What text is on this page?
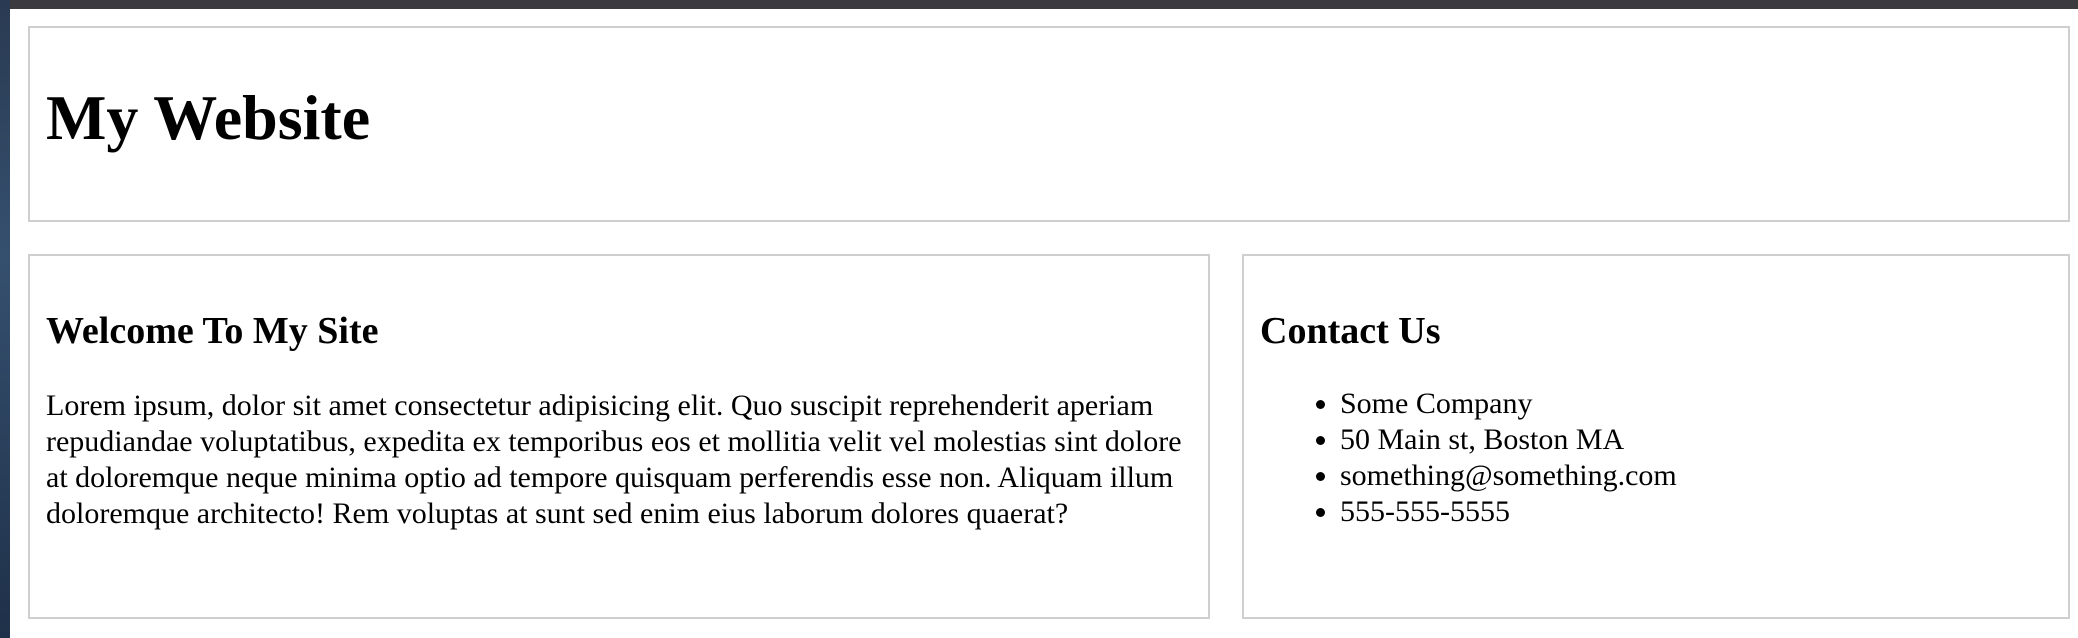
My Website
Welcome To My Site

Lorem ipsum, dolor sit amet consectetur adipisicing elit. Quo suscipit reprehenderit aperiam repudiandae voluptatibus, expedita ex temporibus eos et mollitia velit vel molestias sint dolore at doloremque neque minima optio ad tempore quisquam perferendis esse non. Aliquam illum doloremque architecto! Rem voluptas at sunt sed enim eius laborum dolores quaerat?

Contact Us
• Some Company
• 50 Main st, Boston MA
• something@something.com
• 555-555-5555
